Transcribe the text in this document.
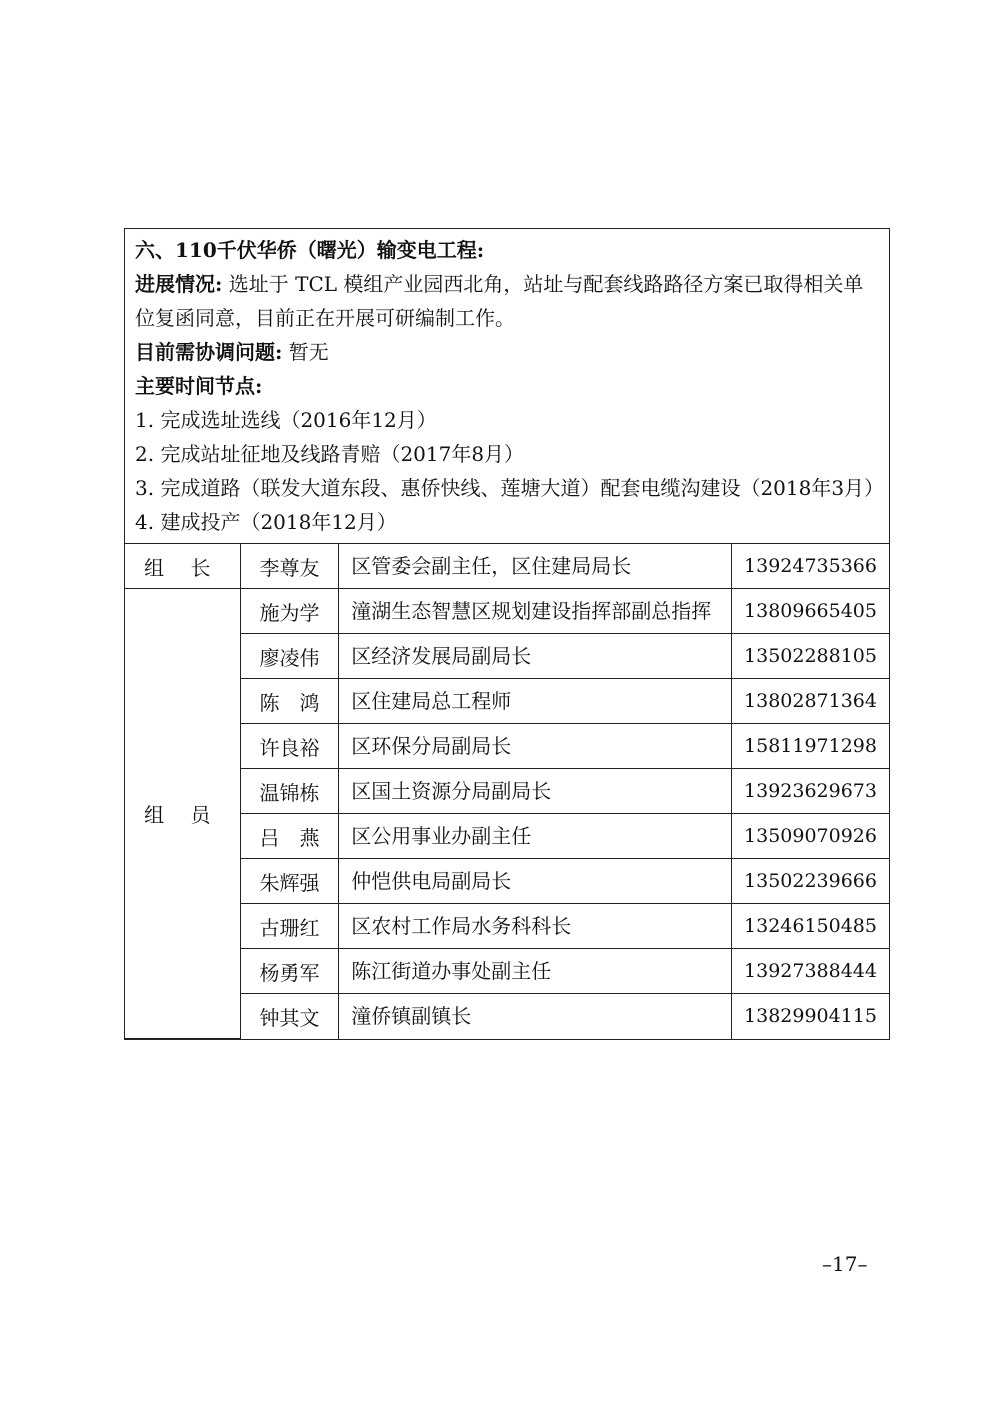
六、110千伏华侨（曙光）输变电工程:

进展情况: 选址于 TCL 模组产业园西北角，站址与配套线路路径方案已取得相关单位复函同意，目前正在开展可研编制工作。

目前需协调问题: 暂无

主要时间节点:

1. 完成选址选线（2016年12月）

2. 完成站址征地及线路青赔（2017年8月）

3. 完成道路（联发大道东段、惠侨快线、莲塘大道）配套电缆沟建设（2018年3月）

4. 建成投产（2018年12月）

组 长	李尊友	区管委会副主任，区住建局局长	13924735366
组 员	施为学	潼湖生态智慧区规划建设指挥部副总指挥	13809665405
	廖凌伟	区经济发展局副局长	13502288105
	陈　鸿	区住建局总工程师	13802871364
	许良裕	区环保分局副局长	15811971298
	温锦栋	区国土资源分局副局长	13923629673
	吕　燕	区公用事业办副主任	13509070926
	朱辉强	仲恺供电局副局长	13502239666
	古珊红	区农村工作局水务科科长	13246150485
	杨勇军	陈江街道办事处副主任	13927388444
	钟其文	潼侨镇副镇长	13829904115
–17–
